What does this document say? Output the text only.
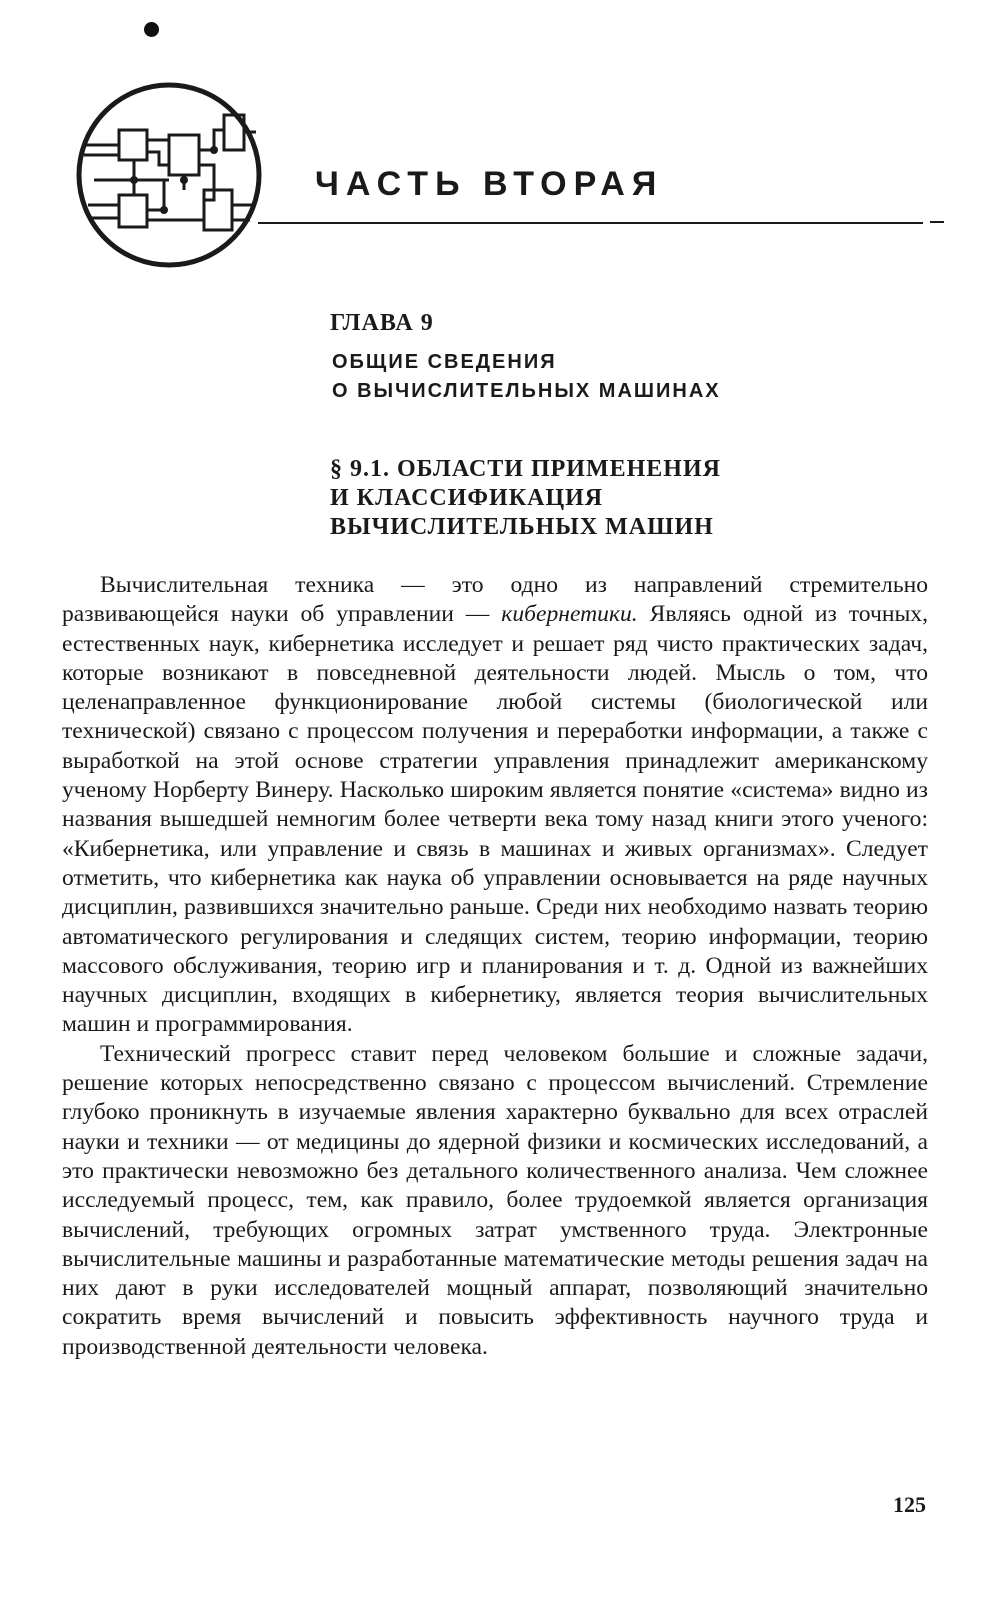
ЧАСТЬ ВТОРАЯ
ГЛАВА 9
ОБЩИЕ СВЕДЕНИЯ
О ВЫЧИСЛИТЕЛЬНЫХ МАШИНАХ
§ 9.1. ОБЛАСТИ ПРИМЕНЕНИЯ
И КЛАССИФИКАЦИЯ
ВЫЧИСЛИТЕЛЬНЫХ МАШИН

Вычислительная техника — это одно из направлений стремительно развивающейся науки об управлении — кибернетики. Являясь одной из точных, естественных наук, кибернетика исследует и решает ряд чисто практических задач, которые возникают в повседневной деятельности людей. Мысль о том, что целенаправленное функционирование любой системы (биологической или технической) связано с процессом получения и переработки информации, а также с выработкой на этой основе стратегии управления принадлежит американскому ученому Норберту Винеру. Насколько широким является понятие «система» видно из названия вышедшей немногим более четверти века тому назад книги этого ученого: «Кибернетика, или управление и связь в машинах и живых организмах». Следует отметить, что кибернетика как наука об управлении основывается на ряде научных дисциплин, развившихся значительно раньше. Среди них необходимо назвать теорию автоматического регулирования и следящих систем, теорию информации, теорию массового обслуживания, теорию игр и планирования и т. д. Одной из важнейших научных дисциплин, входящих в кибернетику, является теория вычислительных машин и программирования.

Технический прогресс ставит перед человеком большие и сложные задачи, решение которых непосредственно связано с процессом вычислений. Стремление глубоко проникнуть в изучаемые явления характерно буквально для всех отраслей науки и техники — от медицины до ядерной физики и космических исследований, а это практически невозможно без детального количественного анализа. Чем сложнее исследуемый процесс, тем, как правило, более трудоемкой является организация вычислений, требующих огромных затрат умственного труда. Электронные вычислительные машины и разработанные математические методы решения задач на них дают в руки исследователей мощный аппарат, позволяющий значительно сократить время вычислений и повысить эффективность научного труда и производственной деятельности человека.

125
